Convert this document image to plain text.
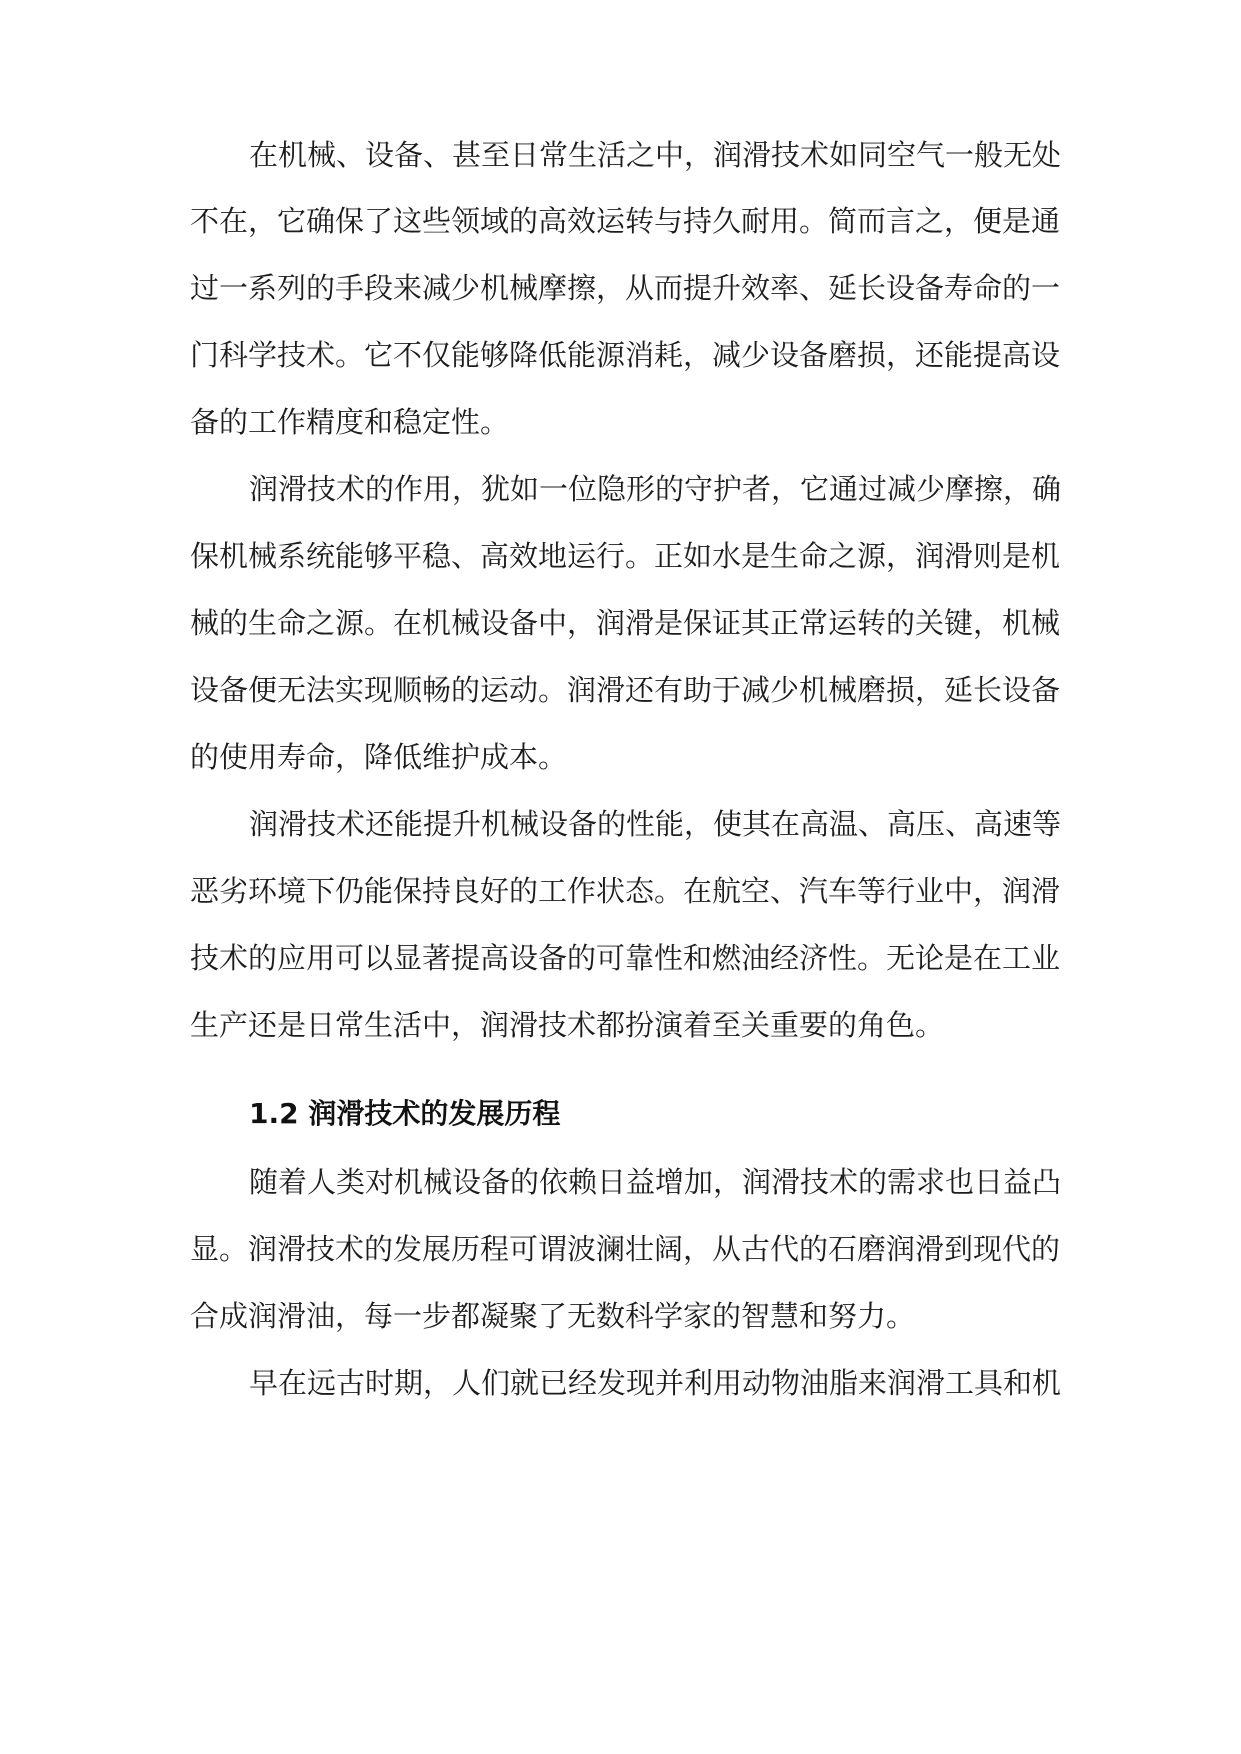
在机械、设备、甚至日常生活之中，润滑技术如同空气一般无处

不在，它确保了这些领域的高效运转与持久耐用。简而言之，便是通

过一系列的手段来减少机械摩擦，从而提升效率、延长设备寿命的一

门科学技术。它不仅能够降低能源消耗，减少设备磨损，还能提高设

备的工作精度和稳定性。

润滑技术的作用，犹如一位隐形的守护者，它通过减少摩擦，确

保机械系统能够平稳、高效地运行。正如水是生命之源，润滑则是机

械的生命之源。在机械设备中，润滑是保证其正常运转的关键，机械

设备便无法实现顺畅的运动。润滑还有助于减少机械磨损，延长设备

的使用寿命，降低维护成本。

润滑技术还能提升机械设备的性能，使其在高温、高压、高速等

恶劣环境下仍能保持良好的工作状态。在航空、汽车等行业中，润滑

技术的应用可以显著提高设备的可靠性和燃油经济性。无论是在工业

生产还是日常生活中，润滑技术都扮演着至关重要的角色。

1.2 润滑技术的发展历程

随着人类对机械设备的依赖日益增加，润滑技术的需求也日益凸

显。润滑技术的发展历程可谓波澜壮阔，从古代的石磨润滑到现代的

合成润滑油，每一步都凝聚了无数科学家的智慧和努力。

早在远古时期，人们就已经发现并利用动物油脂来润滑工具和机
